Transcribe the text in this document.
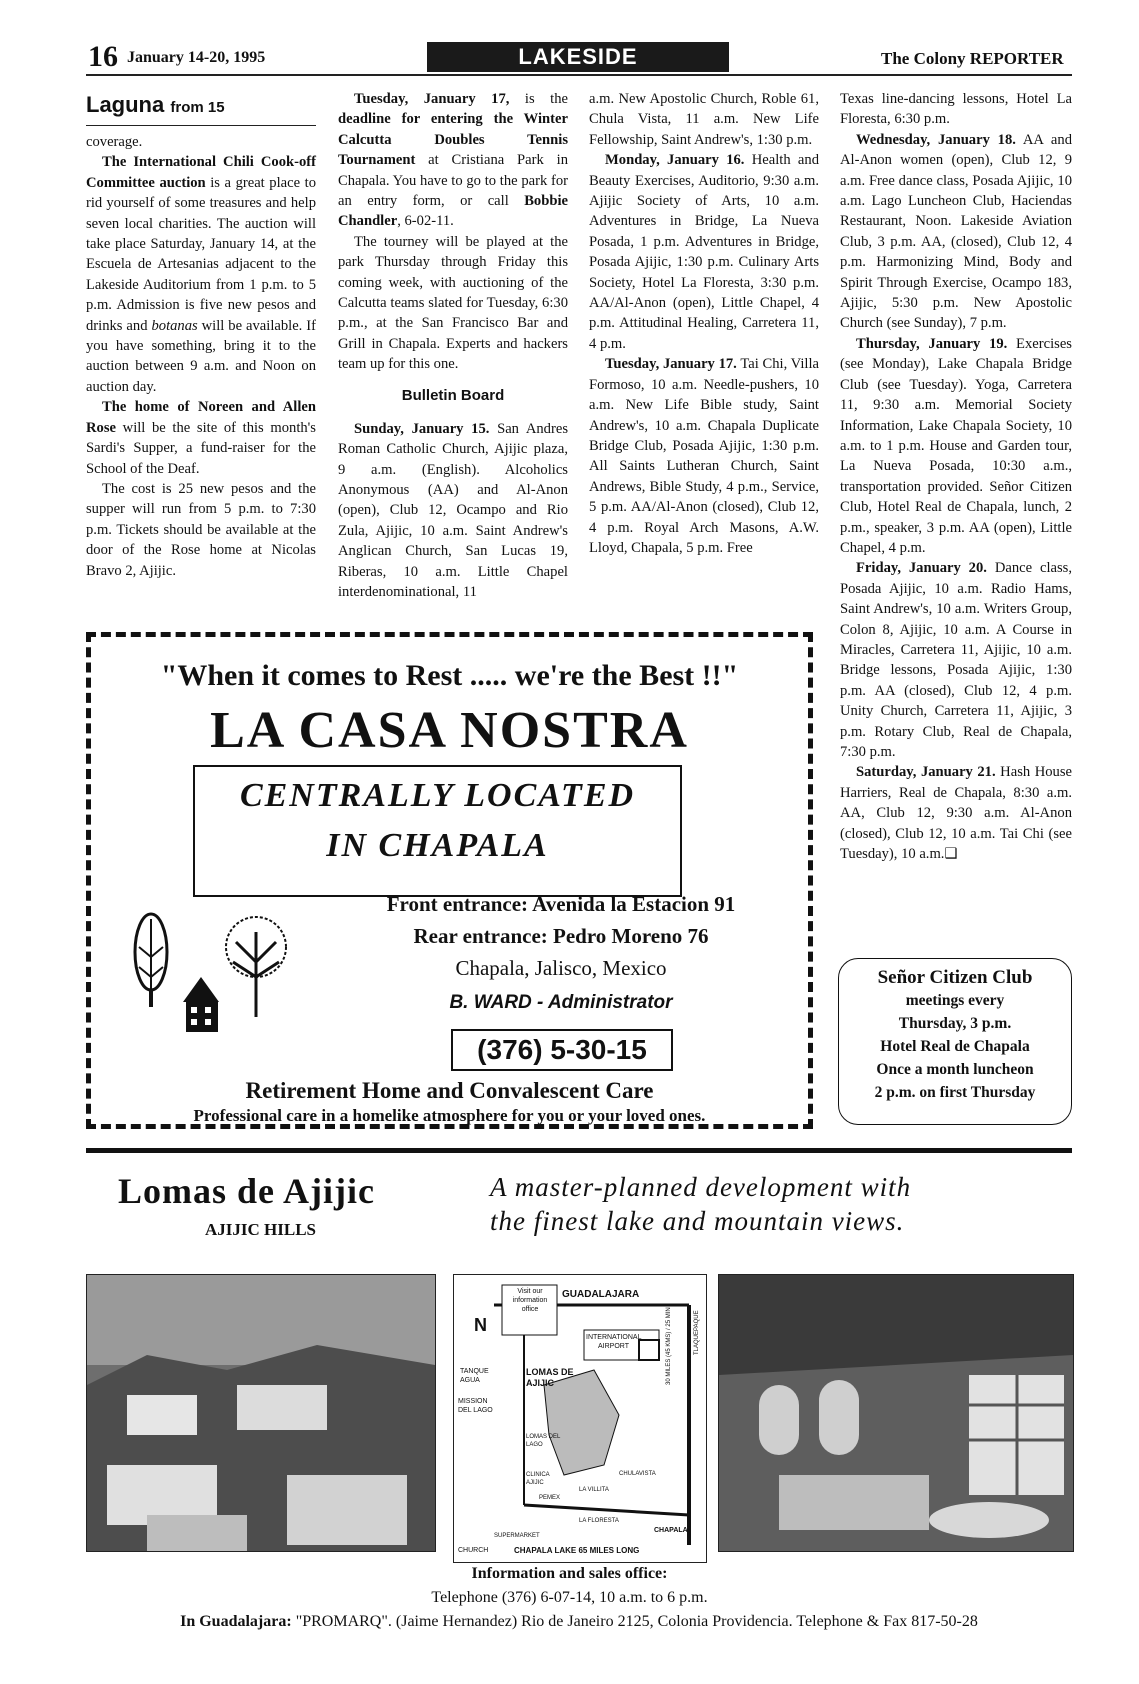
16 January 14-20, 1995	LAKESIDE	The Colony REPORTER
Laguna from 15

coverage.

The International Chili Cook-off Committee auction is a great place to rid yourself of some treasures and help seven local charities. The auction will take place Saturday, January 14, at the Escuela de Artesanias adjacent to the Lakeside Auditorium from 1 p.m. to 5 p.m. Admission is five new pesos and drinks and botanas will be available. If you have something, bring it to the auction between 9 a.m. and Noon on auction day.

The home of Noreen and Allen Rose will be the site of this month's Sardi's Supper, a fund-raiser for the School of the Deaf.

The cost is 25 new pesos and the supper will run from 5 p.m. to 7:30 p.m. Tickets should be available at the door of the Rose home at Nicolas Bravo 2, Ajijic.

Tuesday, January 17, is the deadline for entering the Winter Calcutta Doubles Tennis Tournament at Cristiana Park in Chapala. You have to go to the park for an entry form, or call Bobbie Chandler, 6-02-11.

The tourney will be played at the park Thursday through Friday this coming week, with auctioning of the Calcutta teams slated for Tuesday, 6:30 p.m., at the San Francisco Bar and Grill in Chapala. Experts and hackers team up for this one.

Bulletin Board

Sunday, January 15. San Andres Roman Catholic Church, Ajijic plaza, 9 a.m. (English). Alcoholics Anonymous (AA) and Al-Anon (open), Club 12, Ocampo and Rio Zula, Ajijic, 10 a.m. Saint Andrew's Anglican Church, San Lucas 19, Riberas, 10 a.m. Little Chapel interdenominational, 11

a.m. New Apostolic Church, Roble 61, Chula Vista, 11 a.m. New Life Fellowship, Saint Andrew's, 1:30 p.m.

Monday, January 16. Health and Beauty Exercises, Auditorio, 9:30 a.m. Ajijic Society of Arts, 10 a.m. Adventures in Bridge, La Nueva Posada, 1 p.m. Adventures in Bridge, Posada Ajijic, 1:30 p.m. Culinary Arts Society, Hotel La Floresta, 3:30 p.m. AA/Al-Anon (open), Little Chapel, 4 p.m. Attitudinal Healing, Carretera 11, 4 p.m.

Tuesday, January 17. Tai Chi, Villa Formoso, 10 a.m. Needle-pushers, 10 a.m. New Life Bible study, Saint Andrew's, 10 a.m. Chapala Duplicate Bridge Club, Posada Ajijic, 1:30 p.m. All Saints Lutheran Church, Saint Andrews, Bible Study, 4 p.m., Service, 5 p.m. AA/Al-Anon (closed), Club 12, 4 p.m. Royal Arch Masons, A.W. Lloyd, Chapala, 5 p.m. Free

Texas line-dancing lessons, Hotel La Floresta, 6:30 p.m.

Wednesday, January 18. AA and Al-Anon women (open), Club 12, 9 a.m. Free dance class, Posada Ajijic, 10 a.m. Lago Luncheon Club, Haciendas Restaurant, Noon. Lakeside Aviation Club, 3 p.m. AA, (closed), Club 12, 4 p.m. Harmonizing Mind, Body and Spirit Through Exercise, Ocampo 183, Ajijic, 5:30 p.m. New Apostolic Church (see Sunday), 7 p.m.

Thursday, January 19. Exercises (see Monday), Lake Chapala Bridge Club (see Tuesday). Yoga, Carretera 11, 9:30 a.m. Memorial Society Information, Lake Chapala Society, 10 a.m. to 1 p.m. House and Garden tour, La Nueva Posada, 10:30 a.m., transportation provided. Señor Citizen Club, Hotel Real de Chapala, lunch, 2 p.m., speaker, 3 p.m. AA (open), Little Chapel, 4 p.m.

Friday, January 20. Dance class, Posada Ajijic, 10 a.m. Radio Hams, Saint Andrew's, 10 a.m. Writers Group, Colon 8, Ajijic, 10 a.m. A Course in Miracles, Carretera 11, Ajijic, 10 a.m. Bridge lessons, Posada Ajijic, 1:30 p.m. AA (closed), Club 12, 4 p.m. Unity Church, Carretera 11, Ajijic, 3 p.m. Rotary Club, Real de Chapala, 7:30 p.m.

Saturday, January 21. Hash House Harriers, Real de Chapala, 8:30 a.m. AA, Club 12, 9:30 a.m. Al-Anon (closed), Club 12, 10 a.m. Tai Chi (see Tuesday), 10 a.m.❑

"When it comes to Rest ..... we're the Best !!"
LA CASA NOSTRA
CENTRALLY LOCATED
IN CHAPALA
Front entrance: Avenida la Estacion 91
Rear entrance: Pedro Moreno 76
Chapala, Jalisco, Mexico
B. WARD - Administrator
(376) 5-30-15
Retirement Home and Convalescent Care
Professional care in a homelike atmosphere for you or your loved ones.
Señor Citizen Club
meetings every
Thursday, 3 p.m.
Hotel Real de Chapala
Once a month luncheon
2 p.m. on first Thursday
Lomas de Ajijic
AJIJIC HILLS
A master-planned development with
the finest lake and mountain views.
N
Visit our information office
GUADALAJARA
INTERNATIONAL AIRPORT
TANQUE AGUA
LOMAS DE AJIJIC
MISSION DEL LAGO
LOMAS DEL LAGO
CLINICA AJIJIC
PEMEX
LA VILLITA
CHULAVISTA
LA FLORESTA
CHAPALA
SUPERMARKET
CHURCH	CHAPALA LAKE 65 MILES LONG
30 MILES (45 KMS) / 25 MIN	TLAQUEPAQUE
Information and sales office:
Telephone (376) 6-07-14, 10 a.m. to 6 p.m.
In Guadalajara: "PROMARQ". (Jaime Hernandez) Rio de Janeiro 2125, Colonia Providencia. Telephone & Fax 817-50-28
